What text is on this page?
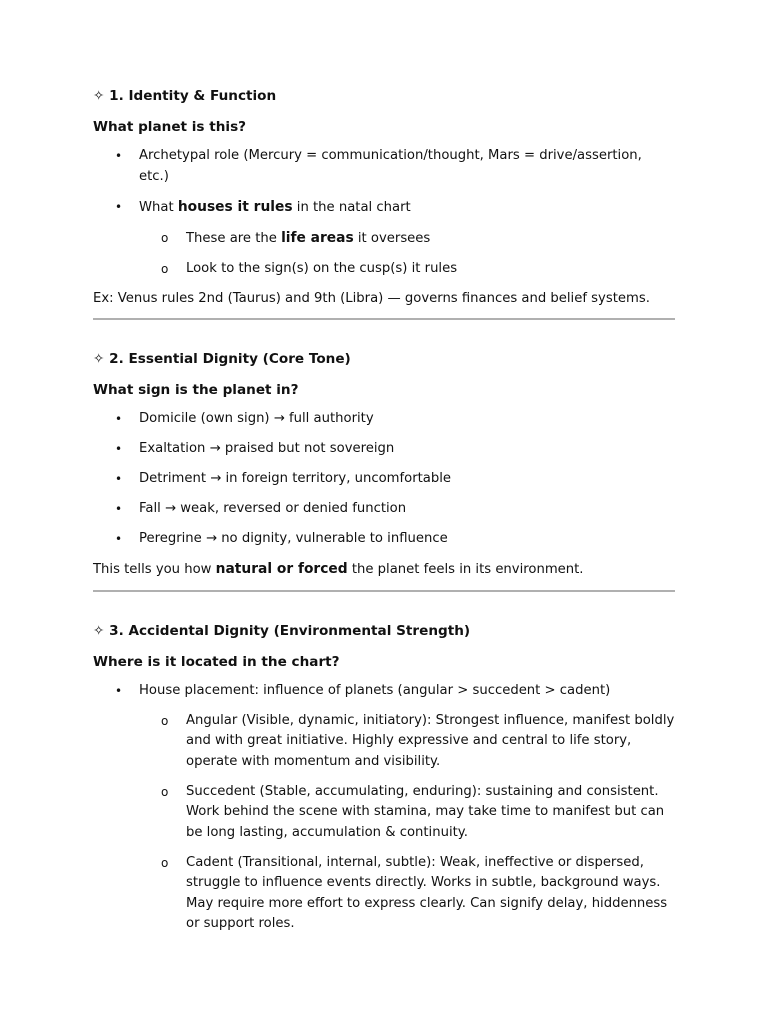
✧ 1. Identity & Function
What planet is this?
• Archetypal role (Mercury = communication/thought, Mars = drive/assertion, etc.)
• What houses it rules in the natal chart
o These are the life areas it oversees
o Look to the sign(s) on the cusp(s) it rules
Ex: Venus rules 2nd (Taurus) and 9th (Libra) — governs finances and belief systems.
✧ 2. Essential Dignity (Core Tone)
What sign is the planet in?
• Domicile (own sign) → full authority
• Exaltation → praised but not sovereign
• Detriment → in foreign territory, uncomfortable
• Fall → weak, reversed or denied function
• Peregrine → no dignity, vulnerable to influence
This tells you how natural or forced the planet feels in its environment.
✧ 3. Accidental Dignity (Environmental Strength)
Where is it located in the chart?
• House placement: influence of planets (angular > succedent > cadent)
o Angular (Visible, dynamic, initiatory): Strongest influence, manifest boldly and with great initiative. Highly expressive and central to life story, operate with momentum and visibility.
o Succedent (Stable, accumulating, enduring): sustaining and consistent. Work behind the scene with stamina, may take time to manifest but can be long lasting, accumulation & continuity.
o Cadent (Transitional, internal, subtle): Weak, ineffective or dispersed, struggle to influence events directly. Works in subtle, background ways. May require more effort to express clearly. Can signify delay, hiddenness or support roles.
